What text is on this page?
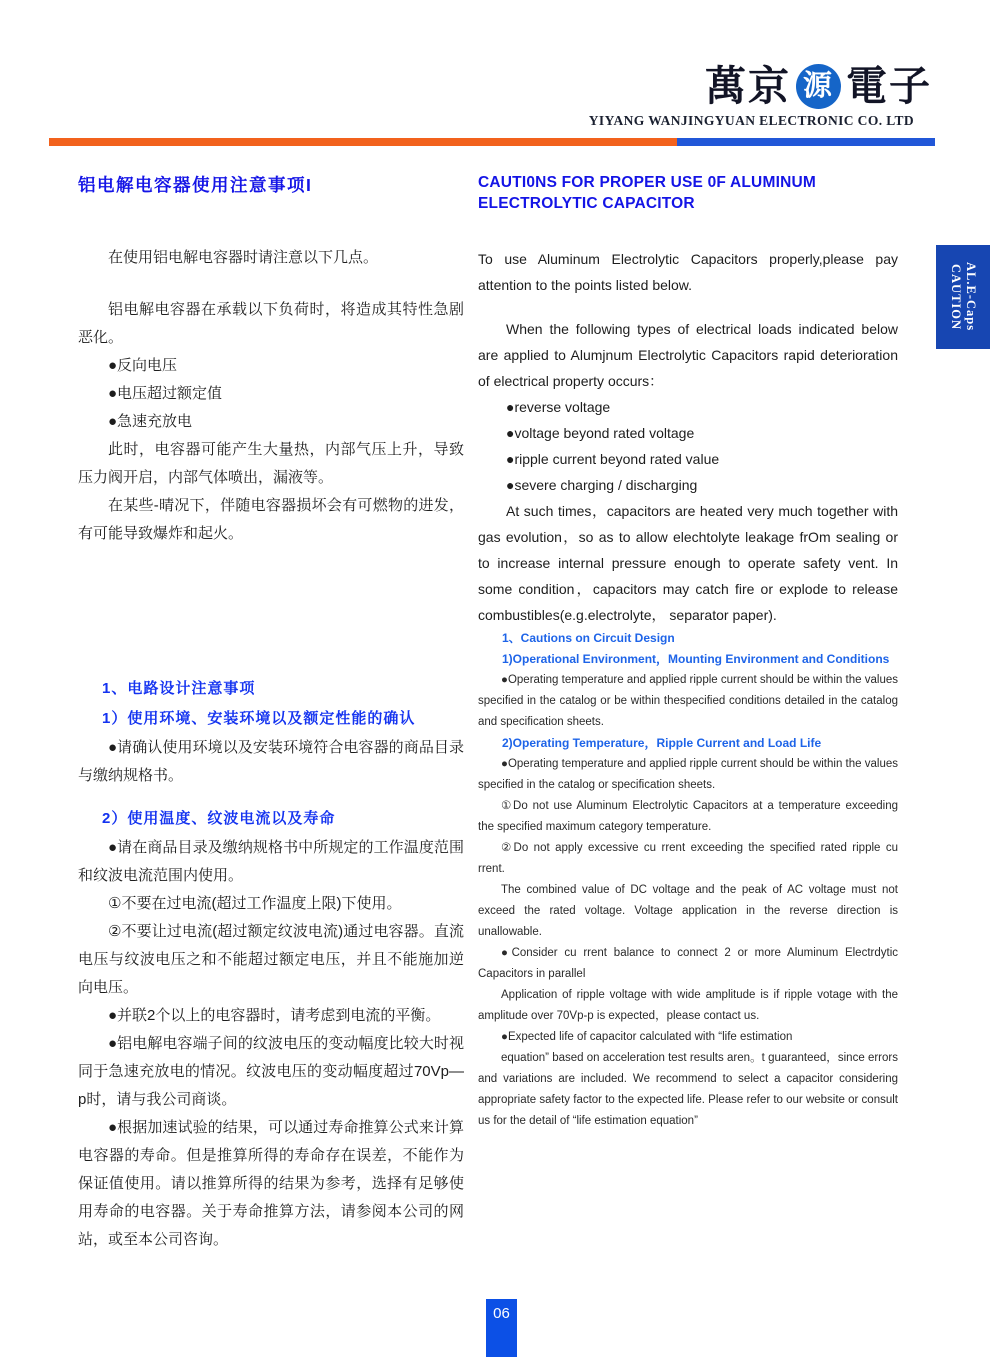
萬京 源 電子
YIYANG WANJINGYUAN ELECTRONIC CO. LTD
铝电解电容器使用注意事项I

在使用铝电解电容器时请注意以下几点。

铝电解电容器在承载以下负荷时，将造成其特性急剧恶化。

●反向电压

●电压超过额定值

●急速充放电

此时，电容器可能产生大量热，内部气压上升，导致压力阀开启，内部气体喷出，漏液等。

在某些-晴况下，伴随电容器损坏会有可燃物的进发，有可能导致爆炸和起火。

1、电路设计注意事项
1）使用环境、安装环境以及额定性能的确认

●请确认使用环境以及安装环境符合电容器的商品目录与缴纳规格书。

2）使用温度、纹波电流以及寿命

●请在商品目录及缴纳规格书中所规定的工作温度范围和纹波电流范围内使用。

①不要在过电流(超过工作温度上限)下使用。

②不要让过电流(超过额定纹波电流)通过电容器。直流电压与纹波电压之和不能超过额定电压，并且不能施加逆向电压。

●并联2个以上的电容器时，请考虑到电流的平衡。

●铝电解电容端子间的纹波电压的变动幅度比较大时视同于急速充放电的情况。纹波电压的变动幅度超过70Vp—p时，请与我公司商谈。

●根据加速试验的结果，可以通过寿命推算公式来计算电容器的寿命。但是推算所得的寿命存在误差，不能作为保证值使用。请以推算所得的结果为参考，选择有足够使用寿命的电容器。关于寿命推算方法，请参阅本公司的网站，或至本公司咨询。

CAUTI0NS FOR PROPER USE 0F ALUMINUM ELECTROLYTIC CAPACITOR

To use Aluminum Electrolytic Capacitors properly,please pay attention to the points listed below.

When the following types of electrical loads indicated below are applied to Alumjnum Electrolytic Capacitors rapid deterioration of electrical property occurs：

●reverse voltage

●voltage beyond rated voltage

●ripple current beyond rated value

●severe charging / discharging

At such times，capacitors are heated very much together with gas evolution，so as to allow elechtolyte leakage frOm sealing or to increase internal pressure enough to operate safety vent. In some condition，capacitors may catch fire or explode to release combustibles(e.g.electrolyte， separator paper).

1、Cautions on Circuit Design
1)Operational Environment，Mounting Environment and Conditions

●Operating temperature and applied ripple current should be within the values specified in the catalog or be within thespecified conditions detailed in the catalog and specification sheets.

2)Operating Temperature，Ripple Current and Load Life

●Operating temperature and applied ripple current should be within the values specified in the catalog or specification sheets.

①Do not use Aluminum Electrolytic Capacitors at a temperature exceeding the specified maximum category temperature.

②Do not apply excessive cu rrent exceeding the specified rated ripple cu rrent.

The combined value of DC voltage and the peak of AC voltage must not exceed the rated voltage. Voltage application in the reverse direction is unallowable.

●Consider cu rrent balance to connect 2 or more Aluminum Electrdytic Capacitors in parallel

Application of ripple voltage with wide amplitude is if ripple votage with the amplitude over 70Vp-p is expected，please contact us.

●Expected life of capacitor calculated with “life estimation

equation” based on acceleration test results aren。t guaranteed，since errors and variations are included. We recommend to select a capacitor considering appropriate safety factor to the expected life. Please refer to our website or consult us for the detail of “life estimation equation”

CAUTION AL.E-Caps
06
